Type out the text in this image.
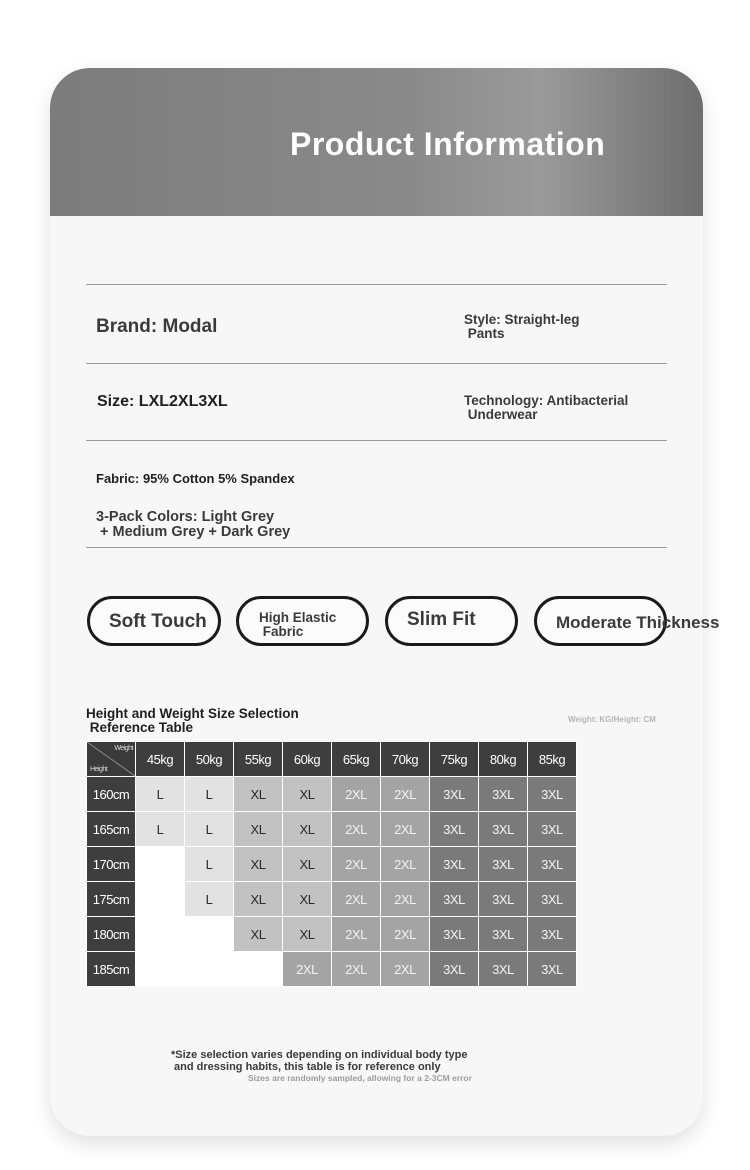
Product Information
Brand: Modal	Style: Straight-leg
Pants
Size: LXL2XL3XL	Technology: Antibacterial
Underwear
Fabric: 95% Cotton 5% Spandex
3-Pack Colors: Light Grey
+ Medium Grey + Dark Grey
Soft Touch	High Elastic
Fabric
Slim Fit	Moderate Thickness
Height and Weight Size Selection
Reference Table
Weight: KG/Height: CM
Weight
Height	45kg	50kg	55kg	60kg	65kg	70kg	75kg	80kg	85kg
160cm	L	L	XL	XL	2XL	2XL	3XL	3XL	3XL
165cm	L	L	XL	XL	2XL	2XL	3XL	3XL	3XL
170cm		L	XL	XL	2XL	2XL	3XL	3XL	3XL
175cm		L	XL	XL	2XL	2XL	3XL	3XL	3XL
180cm			XL	XL	2XL	2XL	3XL	3XL	3XL
185cm				2XL	2XL	2XL	3XL	3XL	3XL
*Size selection varies depending on individual body type
and dressing habits, this table is for reference only
Sizes are randomly sampled, allowing for a 2-3CM error
